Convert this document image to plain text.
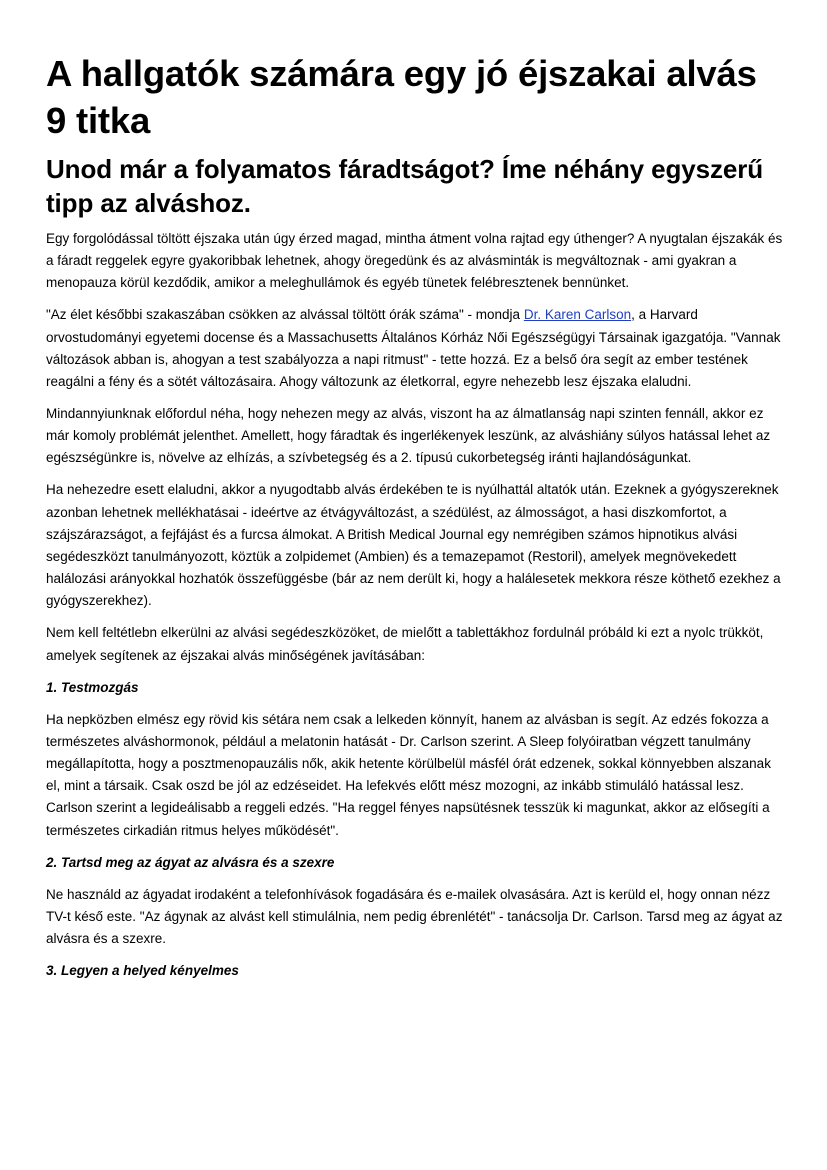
A hallgatók számára egy jó éjszakai alvás 9 titka
Unod már a folyamatos fáradtságot? Íme néhány egyszerű tipp az alváshoz.

Egy forgolódással töltött éjszaka után úgy érzed magad, mintha átment volna rajtad egy úthenger? A nyugtalan éjszakák és a fáradt reggelek egyre gyakoribbak lehetnek, ahogy öregedünk és az alvásminták is megváltoznak - ami gyakran a menopauza körül kezdődik, amikor a meleghullámok és egyéb tünetek felébresztenek bennünket.

"Az élet későbbi szakaszában csökken az alvással töltött órák száma" - mondja Dr. Karen Carlson, a Harvard orvostudományi egyetemi docense és a Massachusetts Általános Kórház Női Egészségügyi Társainak igazgatója. "Vannak változások abban is, ahogyan a test szabályozza a napi ritmust" - tette hozzá. Ez a belső óra segít az ember testének reagálni a fény és a sötét változásaira. Ahogy változunk az életkorral, egyre nehezebb lesz éjszaka elaludni.

Mindannyiunknak előfordul néha, hogy nehezen megy az alvás, viszont ha az álmatlanság napi szinten fennáll, akkor ez már komoly problémát jelenthet. Amellett, hogy fáradtak és ingerlékenyek leszünk, az alváshiány súlyos hatással lehet az egészségünkre is, növelve az elhízás, a szívbetegség és a 2. típusú cukorbetegség iránti hajlandóságunkat.

Ha nehezedre esett elaludni, akkor a nyugodtabb alvás érdekében te is nyúlhattál altatók után. Ezeknek a gyógyszereknek azonban lehetnek mellékhatásai - ideértve az étvágyváltozást, a szédülést, az álmosságot, a hasi diszkomfortot, a szájszárazságot, a fejfájást és a furcsa álmokat. A British Medical Journal egy nemrégiben számos hipnotikus alvási segédeszközt tanulmányozott, köztük a zolpidemet (Ambien) és a temazepamot (Restoril), amelyek megnövekedett halálozási arányokkal hozhatók összefüggésbe (bár az nem derült ki, hogy a halálesetek mekkora része köthető ezekhez a gyógyszerekhez).

Nem kell feltétlebn elkerülni az alvási segédeszközöket, de mielőtt a tablettákhoz fordulnál próbáld ki ezt a nyolc trükköt, amelyek segítenek az éjszakai alvás minőségének javításában:

1. Testmozgás

Ha nepközben elmész egy rövid kis sétára nem csak a lelkeden könnyít, hanem az alvásban is segít. Az edzés fokozza a természetes alváshormonok, például a melatonin hatását - Dr. Carlson szerint. A Sleep folyóiratban végzett tanulmány megállapította, hogy a posztmenopauzális nők, akik hetente körülbelül másfél órát edzenek, sokkal könnyebben alszanak el, mint a társaik. Csak oszd be jól az edzéseidet. Ha lefekvés előtt mész mozogni, az inkább stimuláló hatással lesz. Carlson szerint a legideálisabb a reggeli edzés. "Ha reggel fényes napsütésnek tesszük ki magunkat, akkor az elősegíti a természetes cirkadián ritmus helyes működését".

2. Tartsd meg az ágyat az alvásra és a szexre

Ne használd az ágyadat irodaként a telefonhívások fogadására és e-mailek olvasására. Azt is kerüld el, hogy onnan nézz TV-t késő este. "Az ágynak az alvást kell stimulálnia, nem pedig ébrenlétét" - tanácsolja Dr. Carlson. Tarsd meg az ágyat az alvásra és a szexre.

3. Legyen a helyed kényelmes
